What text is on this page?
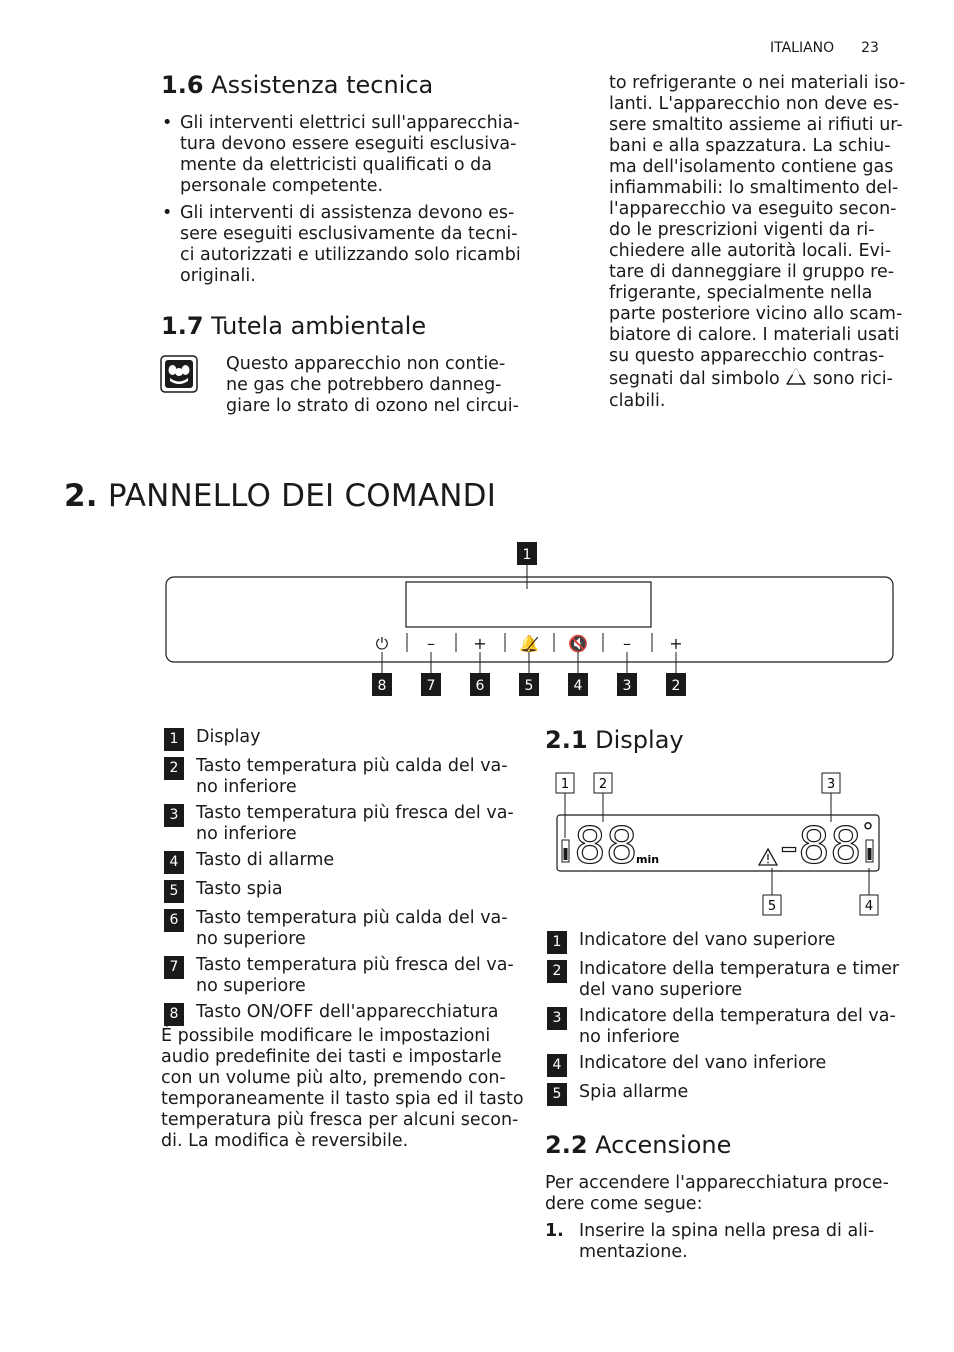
ITALIANO 23
1.6 Assistenza tecnica
• Gli interventi elettrici sull'apparecchia-
tura devono essere eseguiti esclusiva-
mente da elettricisti qualificati o da
personale competente.
• Gli interventi di assistenza devono es-
sere eseguiti esclusivamente da tecni-
ci autorizzati e utilizzando solo ricambi
originali.
1.7 Tutela ambientale
Questo apparecchio non contie-
ne gas che potrebbero danneg-
giare lo strato di ozono nel circui-
to refrigerante o nei materiali iso-
lanti. L'apparecchio non deve es-
sere smaltito assieme ai rifiuti ur-
bani e alla spazzatura. La schiu-
ma dell'isolamento contiene gas
infiammabili: lo smaltimento del-
l'apparecchio va eseguito secon-
do le prescrizioni vigenti da ri-
chiedere alle autorità locali. Evi-
tare di danneggiare il gruppo re-
frigerante, specialmente nella
parte posteriore vicino allo scam-
biatore di calore. I materiali usati
su questo apparecchio contras-
segnati dal simbolo sono rici-
clabili.
2. PANNELLO DEI COMANDI
1
⏻
8
–
7
+
6
🔔̸
5
🔇
4
–
3
+
2
1	Display
2	Tasto temperatura più calda del va-
no inferiore
3	Tasto temperatura più fresca del va-
no inferiore
4	Tasto di allarme
5	Tasto spia
6	Tasto temperatura più calda del va-
no superiore
7	Tasto temperatura più fresca del va-
no superiore
8	Tasto ON/OFF dell'apparecchiatura
È possibile modificare le impostazioni
audio predefinite dei tasti e impostarle
con un volume più alto, premendo con-
temporaneamente il tasto spia ed il tasto
temperatura più fresca per alcuni secon-
di. La modifica è reversibile.
2.1 Display
1 2	3
5	4
88
min -88 °
1	Indicatore del vano superiore
2	Indicatore della temperatura e timer
del vano superiore
3	Indicatore della temperatura del va-
no inferiore
4	Indicatore del vano inferiore
5	Spia allarme
2.2 Accensione
Per accendere l'apparecchiatura proce-
dere come segue:
1. Inserire la spina nella presa di ali-
mentazione.
